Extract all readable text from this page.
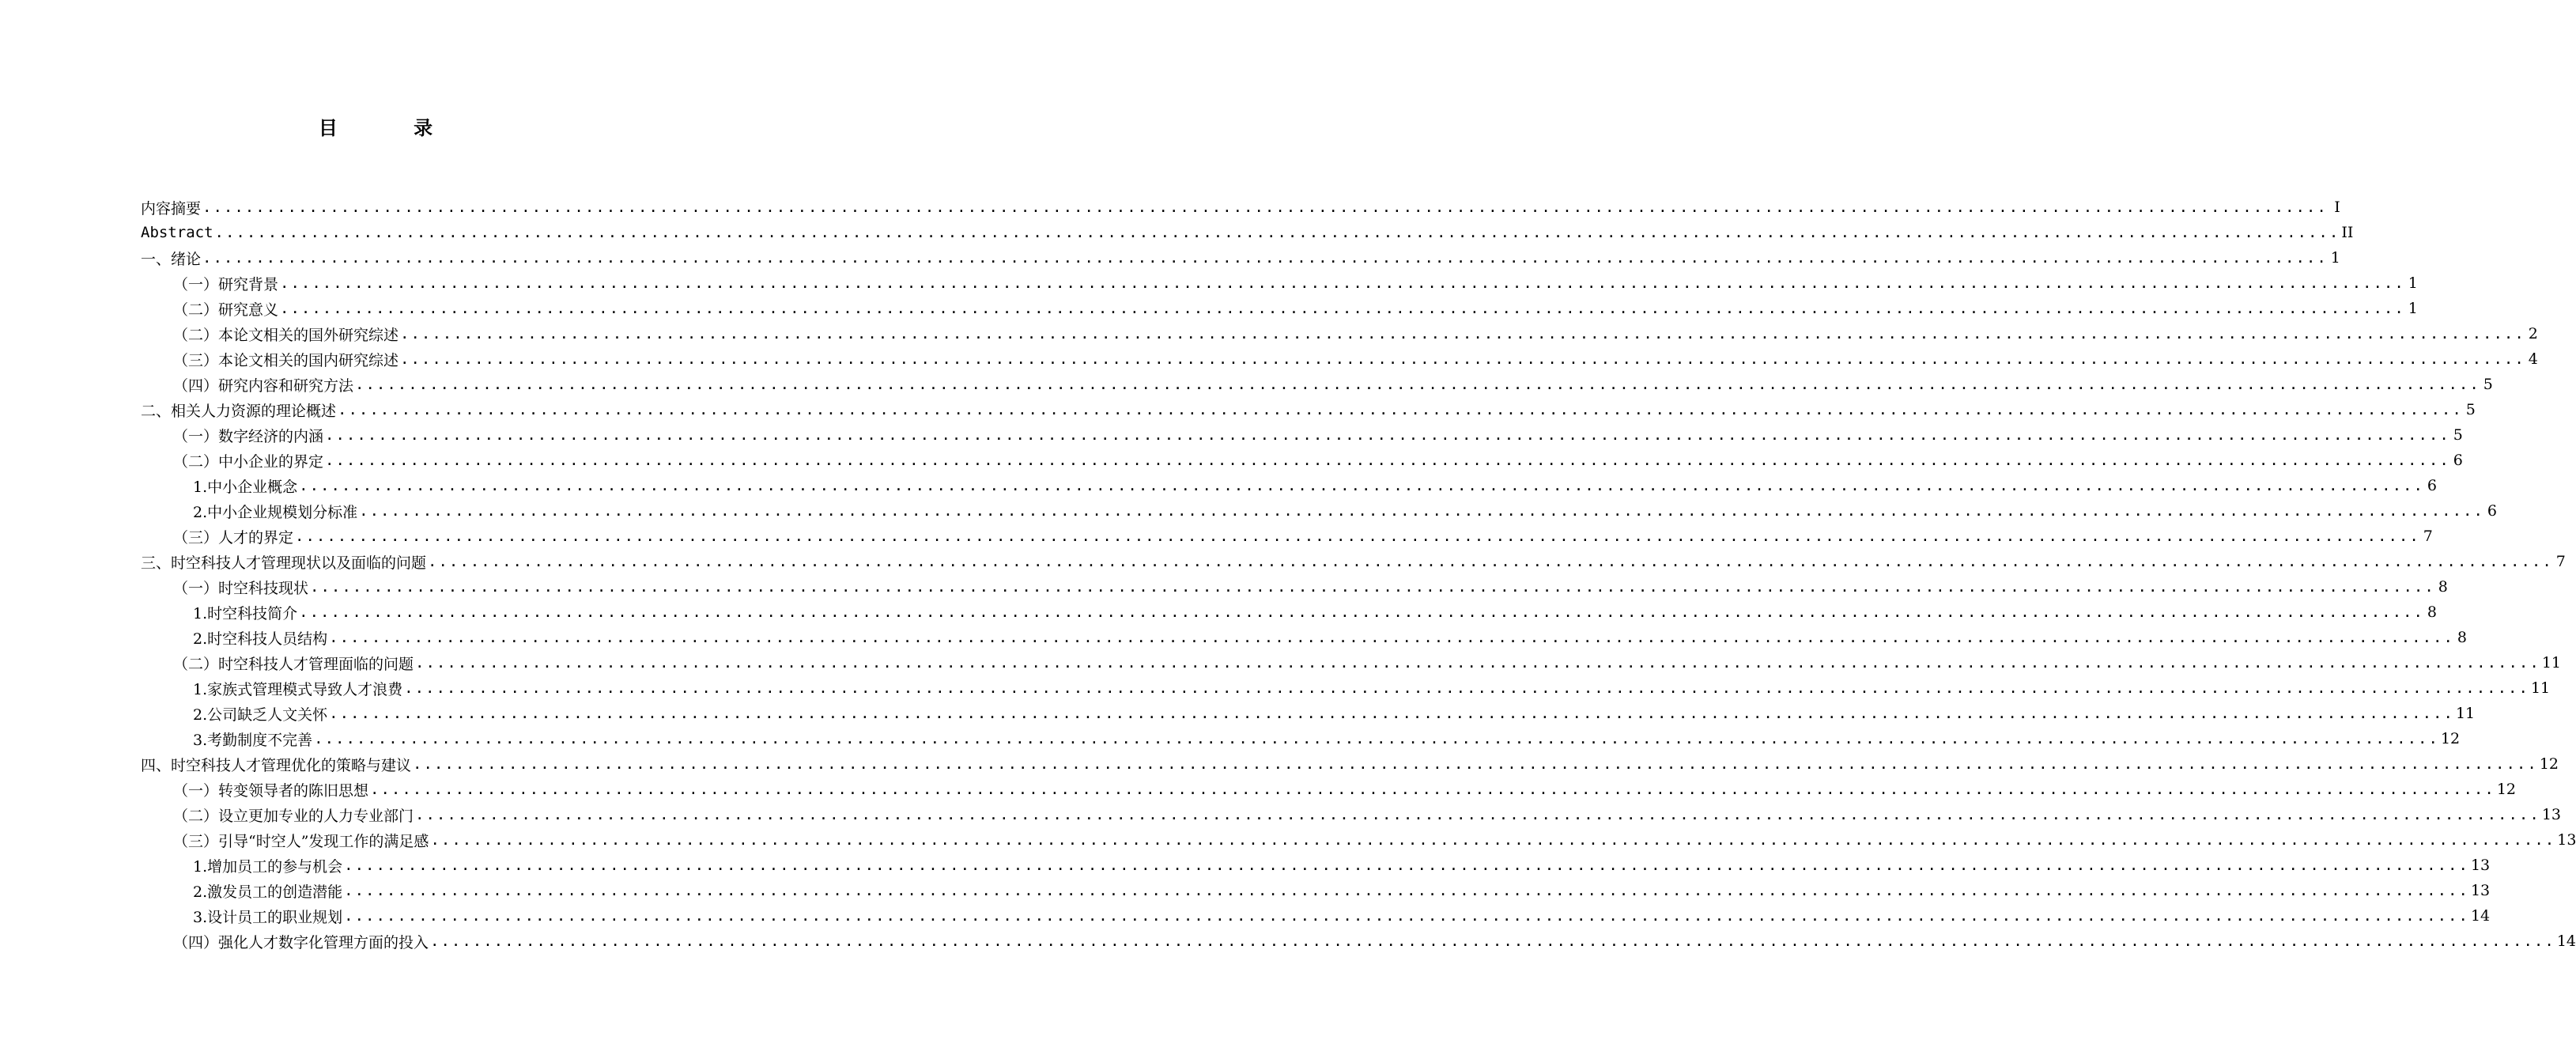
目 录
内容摘要 ........................................................................................................................................................................................................ I
Abstract ........................................................................................................................................................................................................ II
一、绪论 ........................................................................................................................................................................................................ 1
（一）研究背景 ........................................................................................................................................................................................................ 1
（二）研究意义 ........................................................................................................................................................................................................ 1
（二）本论文相关的国外研究综述 ........................................................................................................................................................................................................ 2
（三）本论文相关的国内研究综述 ........................................................................................................................................................................................................ 4
（四）研究内容和研究方法 ........................................................................................................................................................................................................ 5
二、相关人力资源的理论概述 ........................................................................................................................................................................................................ 5
（一）数字经济的内涵 ........................................................................................................................................................................................................ 5
（二）中小企业的界定 ........................................................................................................................................................................................................ 6
1.中小企业概念 ........................................................................................................................................................................................................ 6
2.中小企业规模划分标准 ........................................................................................................................................................................................................ 6
（三）人才的界定 ........................................................................................................................................................................................................ 7
三、时空科技人才管理现状以及面临的问题 ........................................................................................................................................................................................................ 7
（一）时空科技现状 ........................................................................................................................................................................................................ 8
1.时空科技简介 ........................................................................................................................................................................................................ 8
2.时空科技人员结构 ........................................................................................................................................................................................................ 8
（二）时空科技人才管理面临的问题 ........................................................................................................................................................................................................ 11
1.家族式管理模式导致人才浪费 ........................................................................................................................................................................................................ 11
2.公司缺乏人文关怀 ........................................................................................................................................................................................................ 11
3.考勤制度不完善 ........................................................................................................................................................................................................ 12
四、时空科技人才管理优化的策略与建议 ........................................................................................................................................................................................................ 12
（一）转变领导者的陈旧思想 ........................................................................................................................................................................................................ 12
（二）设立更加专业的人力专业部门 ........................................................................................................................................................................................................ 13
（三）引导“时空人”发现工作的满足感 ........................................................................................................................................................................................................ 13
1.增加员工的参与机会 ........................................................................................................................................................................................................ 13
2.激发员工的创造潜能 ........................................................................................................................................................................................................ 13
3.设计员工的职业规划 ........................................................................................................................................................................................................ 14
（四）强化人才数字化管理方面的投入 ........................................................................................................................................................................................................ 14
